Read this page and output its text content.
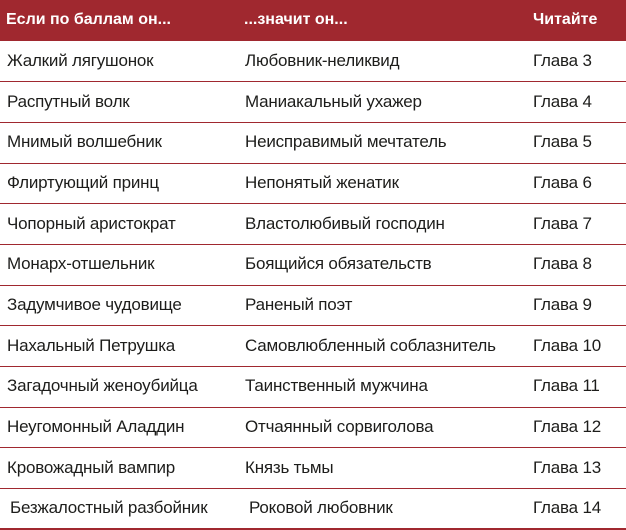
Если по баллам он...	...значит он...	Читайте
Жалкий лягушонок	Любовник-неликвид	Глава 3
Распутный волк	Маниакальный ухажер	Глава 4
Мнимый волшебник	Неисправимый мечтатель	Глава 5
Флиртующий принц	Непонятый женатик	Глава 6
Чопорный аристократ	Властолюбивый господин	Глава 7
Монарх-отшельник	Боящийся обязательств	Глава 8
Задумчивое чудовище	Раненый поэт	Глава 9
Нахальный Петрушка	Самовлюбленный соблазнитель	Глава 10
Загадочный женоубийца	Таинственный мужчина	Глава 11
Неугомонный Аладдин	Отчаянный сорвиголова	Глава 12
Кровожадный вампир	Князь тьмы	Глава 13
Безжалостный разбойник	Роковой любовник	Глава 14
